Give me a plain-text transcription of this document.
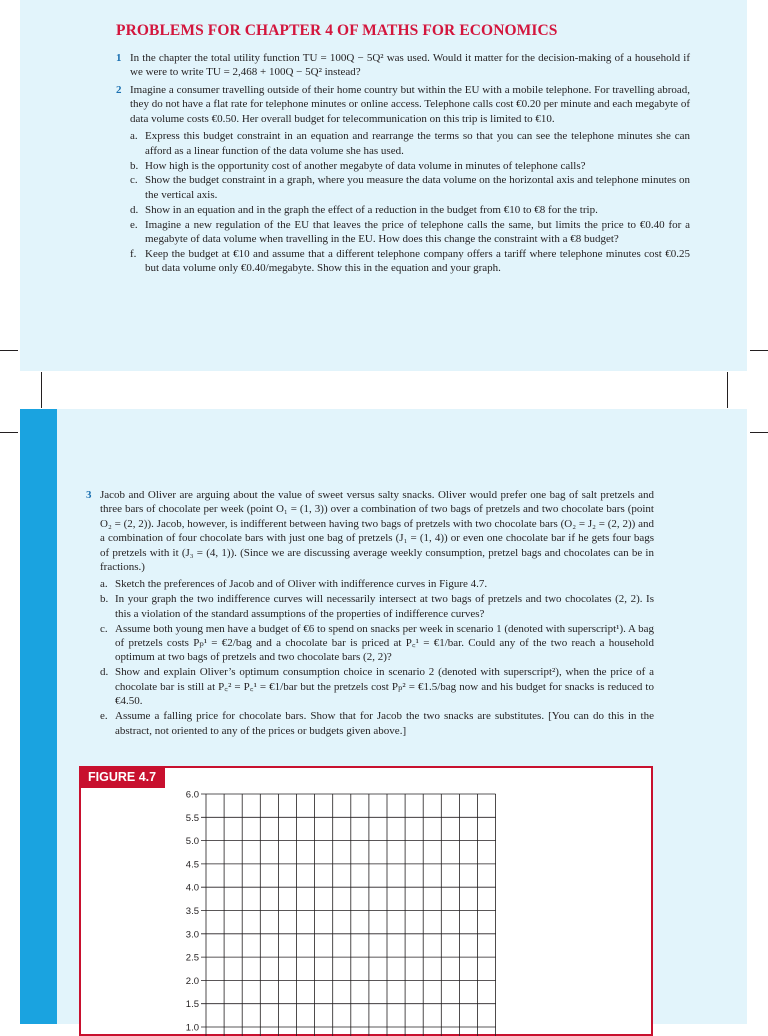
PROBLEMS FOR CHAPTER 4 OF MATHS FOR ECONOMICS
1 In the chapter the total utility function TU = 100Q − 5Q² was used. Would it matter for the decision-making of a household if we were to write TU = 2,468 + 100Q − 5Q² instead?
2 Imagine a consumer travelling outside of their home country but within the EU with a mobile telephone. For travelling abroad, they do not have a flat rate for telephone minutes or online access. Telephone calls cost €0.20 per minute and each megabyte of data volume costs €0.50. Her overall budget for telecommunication on this trip is limited to €10.
a. Express this budget constraint in an equation and rearrange the terms so that you can see the telephone minutes she can afford as a linear function of the data volume she has used.
b. How high is the opportunity cost of another megabyte of data volume in minutes of telephone calls?
c. Show the budget constraint in a graph, where you measure the data volume on the horizontal axis and telephone minutes on the vertical axis.
d. Show in an equation and in the graph the effect of a reduction in the budget from €10 to €8 for the trip.
e. Imagine a new regulation of the EU that leaves the price of telephone calls the same, but limits the price to €0.40 for a megabyte of data volume when travelling in the EU. How does this change the constraint with a €8 budget?
f. Keep the budget at €10 and assume that a different telephone company offers a tariff where telephone minutes cost €0.25 but data volume only €0.40/megabyte. Show this in the equation and your graph.
3 Jacob and Oliver are arguing about the value of sweet versus salty snacks. Oliver would prefer one bag of salt pretzels and three bars of chocolate per week (point O₁ = (1, 3)) over a combination of two bags of pretzels and two chocolate bars (point O₂ = (2, 2)). Jacob, however, is indifferent between having two bags of pretzels with two chocolate bars (O₂ = J₂ = (2, 2)) and a combination of four chocolate bars with just one bag of pretzels (J₁ = (1, 4)) or even one chocolate bar if he gets four bags of pretzels with it (J₃ = (4, 1)). (Since we are discussing average weekly consumption, pretzel bags and chocolates can be in fractions.)
a. Sketch the preferences of Jacob and of Oliver with indifference curves in Figure 4.7.
b. In your graph the two indifference curves will necessarily intersect at two bags of pretzels and two chocolates (2, 2). Is this a violation of the standard assumptions of the properties of indifference curves?
c. Assume both young men have a budget of €6 to spend on snacks per week in scenario 1 (denoted with superscript¹). A bag of pretzels costs Pₚ¹ = €2/bag and a chocolate bar is priced at P꜀¹ = €1/bar. Could any of the two reach a household optimum at two bags of pretzels and two chocolate bars (2, 2)?
d. Show and explain Oliver’s optimum consumption choice in scenario 2 (denoted with superscript²), when the price of a chocolate bar is still at P꜀² = P꜀¹ = €1/bar but the pretzels cost Pₚ² = €1.5/bag now and his budget for snacks is reduced to €4.50.
e. Assume a falling price for chocolate bars. Show that for Jacob the two snacks are substitutes. [You can do this in the abstract, not oriented to any of the prices or budgets given above.]
FIGURE 4.7
6.0
5.5
5.0
4.5
4.0
3.5
3.0
2.5
2.0
1.5
1.0
